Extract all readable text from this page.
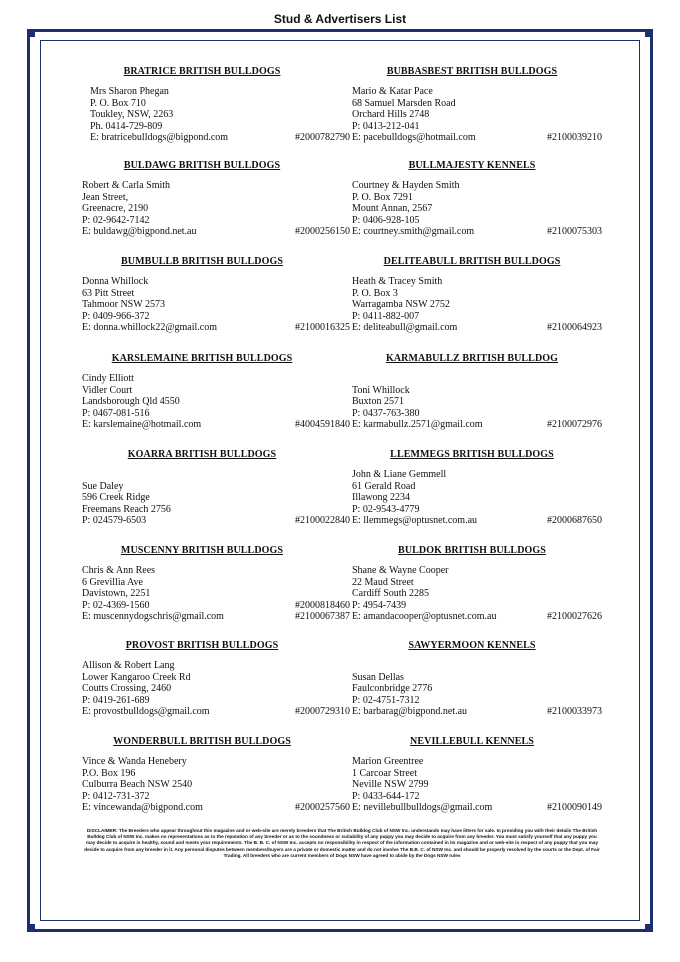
Stud & Advertisers List
BRATRICE BRITISH BULLDOGS
Mrs Sharon Phegan
P. O. Box 710
Toukley, NSW, 2263
Ph. 0414-729-809
E: bratricebulldogs@bigpond.com	#2000782790
BUBBASBEST BRITISH BULLDOGS
Mario & Katar Pace
68 Samuel Marsden Road
Orchard Hills 2748
P: 0413-212-041
E: pacebulldogs@hotmail.com	#2100039210
BULDAWG BRITISH BULLDOGS
Robert & Carla Smith
Jean Street,
Greenacre, 2190
P: 02-9642-7142
E: buldawg@bigpond.net.au	#2000256150
BULLMAJESTY KENNELS
Courtney & Hayden Smith
P. O. Box 7291
Mount Annan, 2567
P: 0406-928-105
E: courtney.smith@gmail.com	#2100075303
BUMBULLB BRITISH BULLDOGS
Donna Whillock
63 Pitt Street
Tahmoor NSW 2573
P: 0409-966-372
E: donna.whillock22@gmail.com	#2100016325
DELITEABULL BRITISH BULLDOGS
Heath & Tracey Smith
P. O. Box 3
Warragamba NSW 2752
P: 0411-882-007
E: deliteabull@gmail.com	#2100064923
KARSLEMAINE BRITISH BULLDOGS
Cindy Elliott
Vidler Court
Landsborough Qld 4550
P: 0467-081-516
E: karslemaine@hotmail.com	#4004591840
KARMABULLZ BRITISH BULLDOG
Toni Whillock
Buxton 2571
P: 0437-763-380
E: karmabullz.2571@gmail.com	#2100072976
KOARRA BRITISH BULLDOGS
Sue Daley
596 Creek Ridge
Freemans Reach 2756
P: 024579-6503	#2100022840
LLEMMEGS BRITISH BULLDOGS
John & Liane Gemmell
61 Gerald Road
Illawong 2234
P: 02-9543-4779
E: llemmegs@optusnet.com.au	#2000687650
MUSCENNY BRITISH BULLDOGS
Chris & Ann Rees
6 Grevillia Ave
Davistown, 2251
P: 02-4369-1560
E: muscennydogschris@gmail.com
#2000818460
#2100067387
BULDOK BRITISH BULLDOGS
Shane & Wayne Cooper
22 Maud Street
Cardiff South 2285
P: 4954-7439
E: amandacooper@optusnet.com.au	#2100027626
PROVOST BRITISH BULLDOGS
Allison & Robert Lang
Lower Kangaroo Creek Rd
Coutts Crossing, 2460
P: 0419-261-689
E: provostbulldogs@gmail.com	#2000729310
SAWYERMOON KENNELS
Susan Dellas
Faulconbridge 2776
P: 02-4751-7312
E: barbarag@bigpond.net.au	#2100033973
WONDERBULL BRITISH BULLDOGS
Vince & Wanda Henebery
P.O. Box 196
Culburra Beach NSW 2540
P: 0412-731-372
E: vincewanda@bigpond.com	#2000257560
NEVILLEBULL KENNELS
Marion Greentree
1 Carcoar Street
Neville NSW 2799
P: 0433-644-172
E: nevillebullbulldogs@gmail.com	#2100090149
DISCLAIMER: The Breeders who appear throughout this magazine and or web-site are merely breeders that The British Bulldog Club of NSW Inc. understands may have litters for sale. In providing you with their details The British Bulldog Club of NSW Inc. makes no representations as to the reputation of any breeder or as to the soundness or suitability of any puppy you may decide to acquire from any breeder. You must satisfy yourself that any puppy you may decide to acquire is healthy, sound and meets your requirements. The B. B. C. of NSW Inc. accepts no responsibility in respect of the information contained in its magazine and or web-site in respect of any puppy that you may decide to acquire from any breeder in it. Any personal disputes between members/buyers are a private or domestic matter and do not involve The B.B. C. of NSW Inc. and should be properly resolved by the courts or the Dept. of Fair Trading. All breeders who are current members of Dogs NSW have agreed to abide by the Dogs NSW rules
